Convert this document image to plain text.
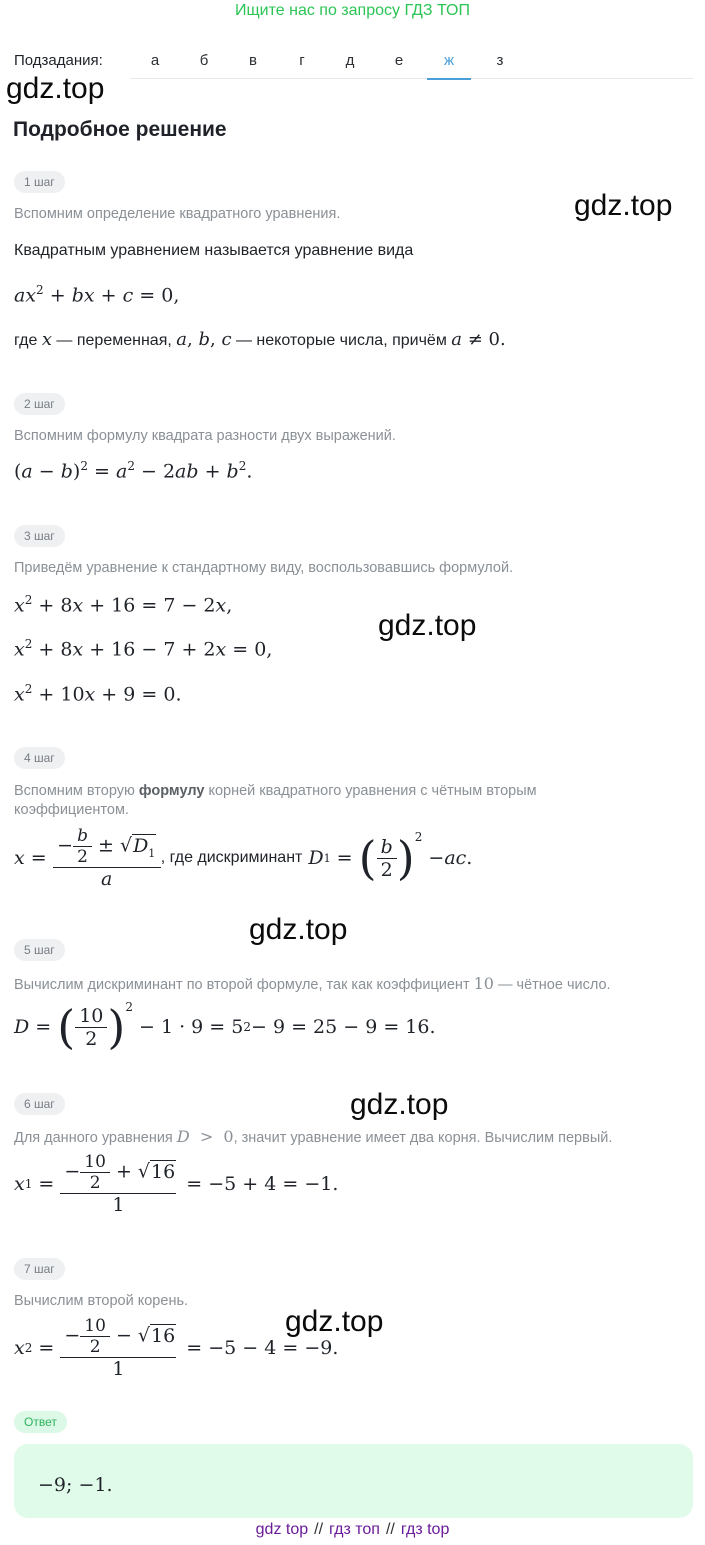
Ищите нас по запросу ГДЗ ТОП
Подзадания:	а	б	в	г	д	е	ж	з
gdz.top
gdz.top
gdz.top
gdz.top
gdz.top
gdz.top
Подробное решение
1 шаг
Вспомним определение квадратного уравнения.
Квадратным уравнением называется уравнение вида
$ax^2$ + bx + c = 0,
где x — переменная, a, b, c — некоторые числа, причём a ≠ 0.
2 шаг
Вспомним формулу квадрата разности двух выражений.
$(a - b)^2 = a^2 - 2ab + b^2$.
3 шаг
Приведём уравнение к стандартному виду, воспользовавшись формулой.
$x^2 + 8x + 16 = 7 - 2x$,
$x^2 + 8x + 16 - 7 + 2x = 0$,
$x^2 + 10x + 9 = 0$.
4 шаг
Вспомним вторую формулу корней квадратного уравнения с чётным вторым
коэффициентом.
$x = \frac{- \frac{b}{2} \pm √D_1}{a}$ , где дискриминант
D 1 = ( $\frac{b}{2} )^2$
− ac .
5 шаг
Вычислим дискриминант по второй формуле, так как коэффициент 10 — чётное число.
D = ( $\frac{10}{2} )^2$
− 1 · 9 = 5 2 − 9 = 25 − 9 = 16.
6 шаг
Для данного уравнения D  >  0, значит уравнение имеет два корня. Вычислим первый.
x $1 = \frac{- \frac{10}{2} + √16}{1} = -5 + 4 = -1$.
7 шаг
Вычислим второй корень.
x $2 = \frac{- \frac{10}{2} - √16}{1} = -5 - 4 = -9$.
Ответ
−9; −1.
gdz top // гдз топ // гдз top
